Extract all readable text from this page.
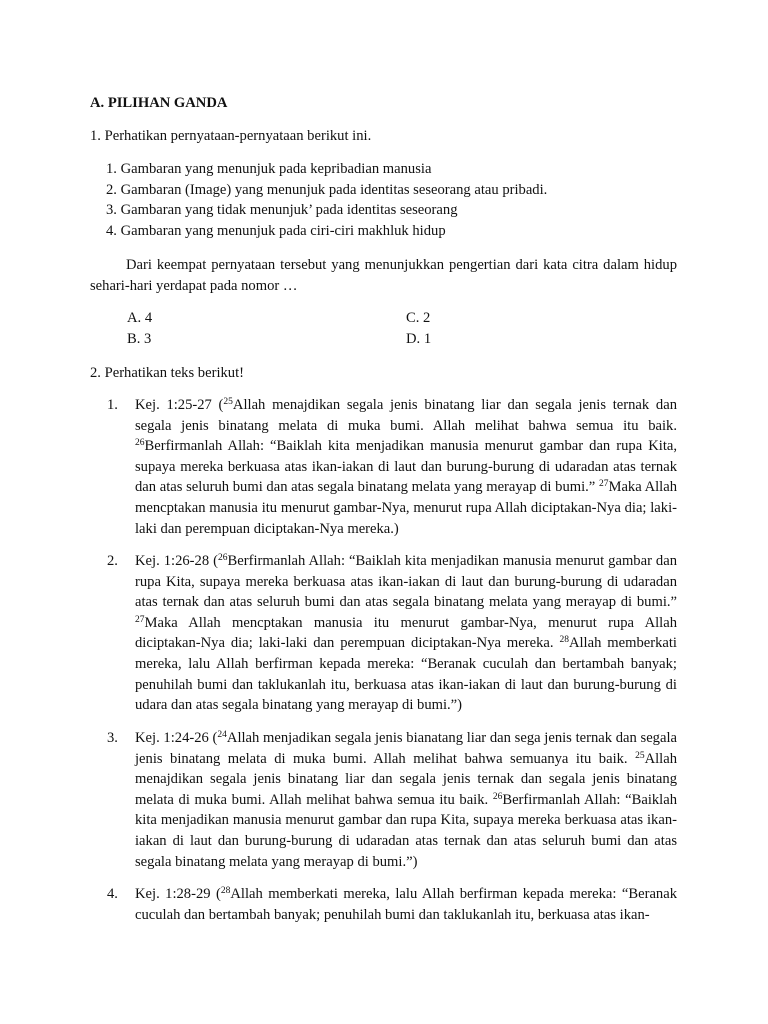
A. PILIHAN GANDA

1. Perhatikan pernyataan-pernyataan berikut ini.

1. Gambaran yang menunjuk pada kepribadian manusia
2. Gambaran (Image) yang menunjuk pada identitas seseorang atau pribadi.
3. Gambaran yang tidak menunjuk’ pada identitas seseorang
4. Gambaran yang menunjuk pada ciri-ciri makhluk hidup

Dari keempat pernyataan tersebut yang menunjukkan pengertian dari kata citra dalam hidup sehari-hari yerdapat pada nomor …

A. 4

B. 3

C. 2

D. 1

2. Perhatikan teks berikut!

1. Kej. 1:25-27 ($^{25}$Allah menajdikan segala jenis binatang liar dan segala jenis ternak dan segala jenis binatang melata di muka bumi. Allah melihat bahwa semua itu baik. $^{26}$Berfirmanlah Allah: “Baiklah kita menjadikan manusia menurut gambar dan rupa Kita, supaya mereka berkuasa atas ikan-iakan di laut dan burung-burung di udaradan atas ternak dan atas seluruh bumi dan atas segala binatang melata yang merayap di bumi.” $^{27}$Maka Allah mencptakan manusia itu menurut gambar-Nya, menurut rupa Allah diciptakan-Nya dia; laki-laki dan perempuan diciptakan-Nya mereka.)
2. Kej. 1:26-28 ($^{26}$Berfirmanlah Allah: “Baiklah kita menjadikan manusia menurut gambar dan rupa Kita, supaya mereka berkuasa atas ikan-iakan di laut dan burung-burung di udaradan atas ternak dan atas seluruh bumi dan atas segala binatang melata yang merayap di bumi.” $^{27}$Maka Allah mencptakan manusia itu menurut gambar-Nya, menurut rupa Allah diciptakan-Nya dia; laki-laki dan perempuan diciptakan-Nya mereka. $^{28}$Allah memberkati mereka, lalu Allah berfirman kepada mereka: “Beranak cuculah dan bertambah banyak; penuhilah bumi dan taklukanlah itu, berkuasa atas ikan-iakan di laut dan burung-burung di udara dan atas segala binatang yang merayap di bumi.”)
3. Kej. 1:24-26 ($^{24}$Allah menjadikan segala jenis bianatang liar dan sega jenis ternak dan segala jenis binatang melata di muka bumi. Allah melihat bahwa semuanya itu baik. $^{25}$Allah menajdikan segala jenis binatang liar dan segala jenis ternak dan segala jenis binatang melata di muka bumi. Allah melihat bahwa semua itu baik. $^{26}$Berfirmanlah Allah: “Baiklah kita menjadikan manusia menurut gambar dan rupa Kita, supaya mereka berkuasa atas ikan-iakan di laut dan burung-burung di udaradan atas ternak dan atas seluruh bumi dan atas segala binatang melata yang merayap di bumi.”)
4. Kej. 1:28-29 ($^{28}$Allah memberkati mereka, lalu Allah berfirman kepada mereka: “Beranak cuculah dan bertambah banyak; penuhilah bumi dan taklukanlah itu, berkuasa atas ikan-
